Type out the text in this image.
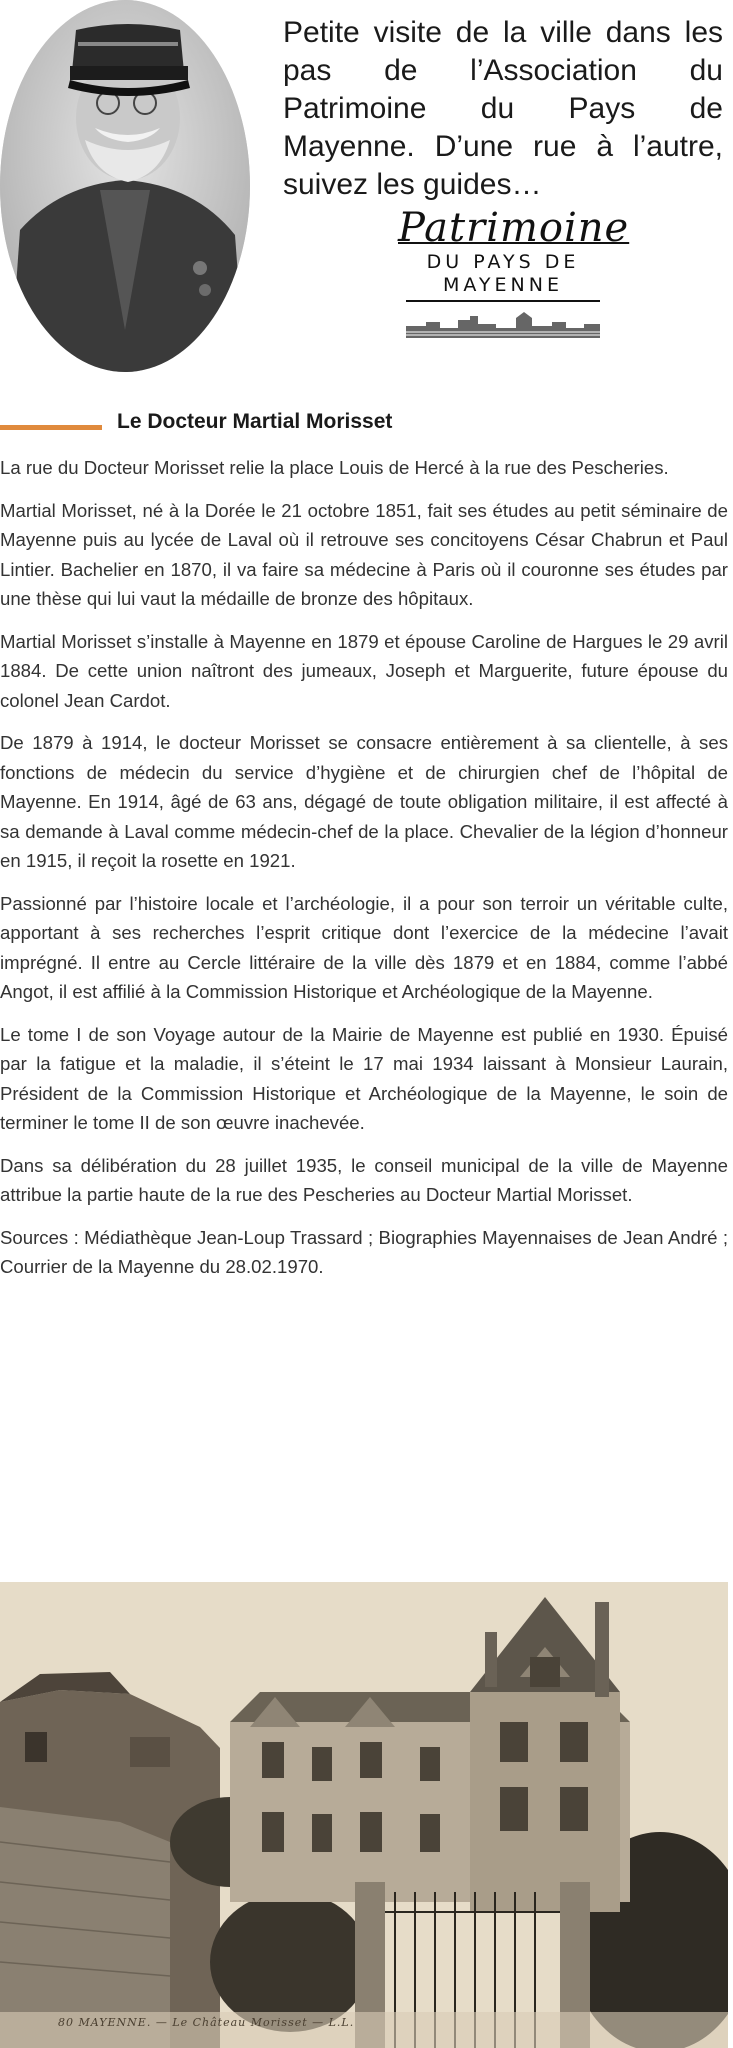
Petite visite de la ville dans les pas de l’Association du Patrimoine du Pays de Mayenne. D’une rue à l’autre, suivez les guides…
Patrimoine
DU PAYS DE
MAYENNE
Le Docteur Martial Morisset

La rue du Docteur Morisset relie la place Louis de Hercé à la rue des Pescheries.

Martial Morisset, né à la Dorée le 21 octobre 1851, fait ses études au petit séminaire de Mayenne puis au lycée de Laval où il retrouve ses concitoyens César Chabrun et Paul Lintier. Bachelier en 1870, il va faire sa médecine à Paris où il couronne ses études par une thèse qui lui vaut la médaille de bronze des hôpitaux.

Martial Morisset s’installe à Mayenne en 1879 et épouse Caroline de Hargues le 29 avril 1884. De cette union naîtront des jumeaux, Joseph et Marguerite, future épouse du colonel Jean Cardot.

De 1879 à 1914, le docteur Morisset se consacre entièrement à sa clientelle, à ses fonctions de médecin du service d’hygiène et de chirurgien chef de l’hôpital de Mayenne. En 1914, âgé de 63 ans, dégagé de toute obligation militaire, il est affecté à sa demande à Laval comme médecin-chef de la place. Chevalier de la légion d’honneur en 1915, il reçoit la rosette en 1921.

Passionné par l’histoire locale et l’archéologie, il a pour son terroir un véritable culte, apportant à ses recherches l’esprit critique dont l’exercice de la médecine l’avait imprégné. Il entre au Cercle littéraire de la ville dès 1879 et en 1884, comme l’abbé Angot, il est affilié à la Commission Historique et Archéologique de la Mayenne.

Le tome I de son Voyage autour de la Mairie de Mayenne est publié en 1930. Épuisé par la fatigue et la maladie, il s’éteint le 17 mai 1934 laissant à Monsieur Laurain, Président de la Commission Historique et Archéologique de la Mayenne, le soin de terminer le tome II de son œuvre inachevée.

Dans sa délibération du 28 juillet 1935, le conseil municipal de la ville de Mayenne attribue la partie haute de la rue des Pescheries au Docteur Martial Morisset.

Sources : Médiathèque Jean-Loup Trassard ; Biographies Mayennaises de Jean André ; Courrier de la Mayenne du 28.02.1970.

80 MAYENNE. — Le Château Morisset — L.L.
